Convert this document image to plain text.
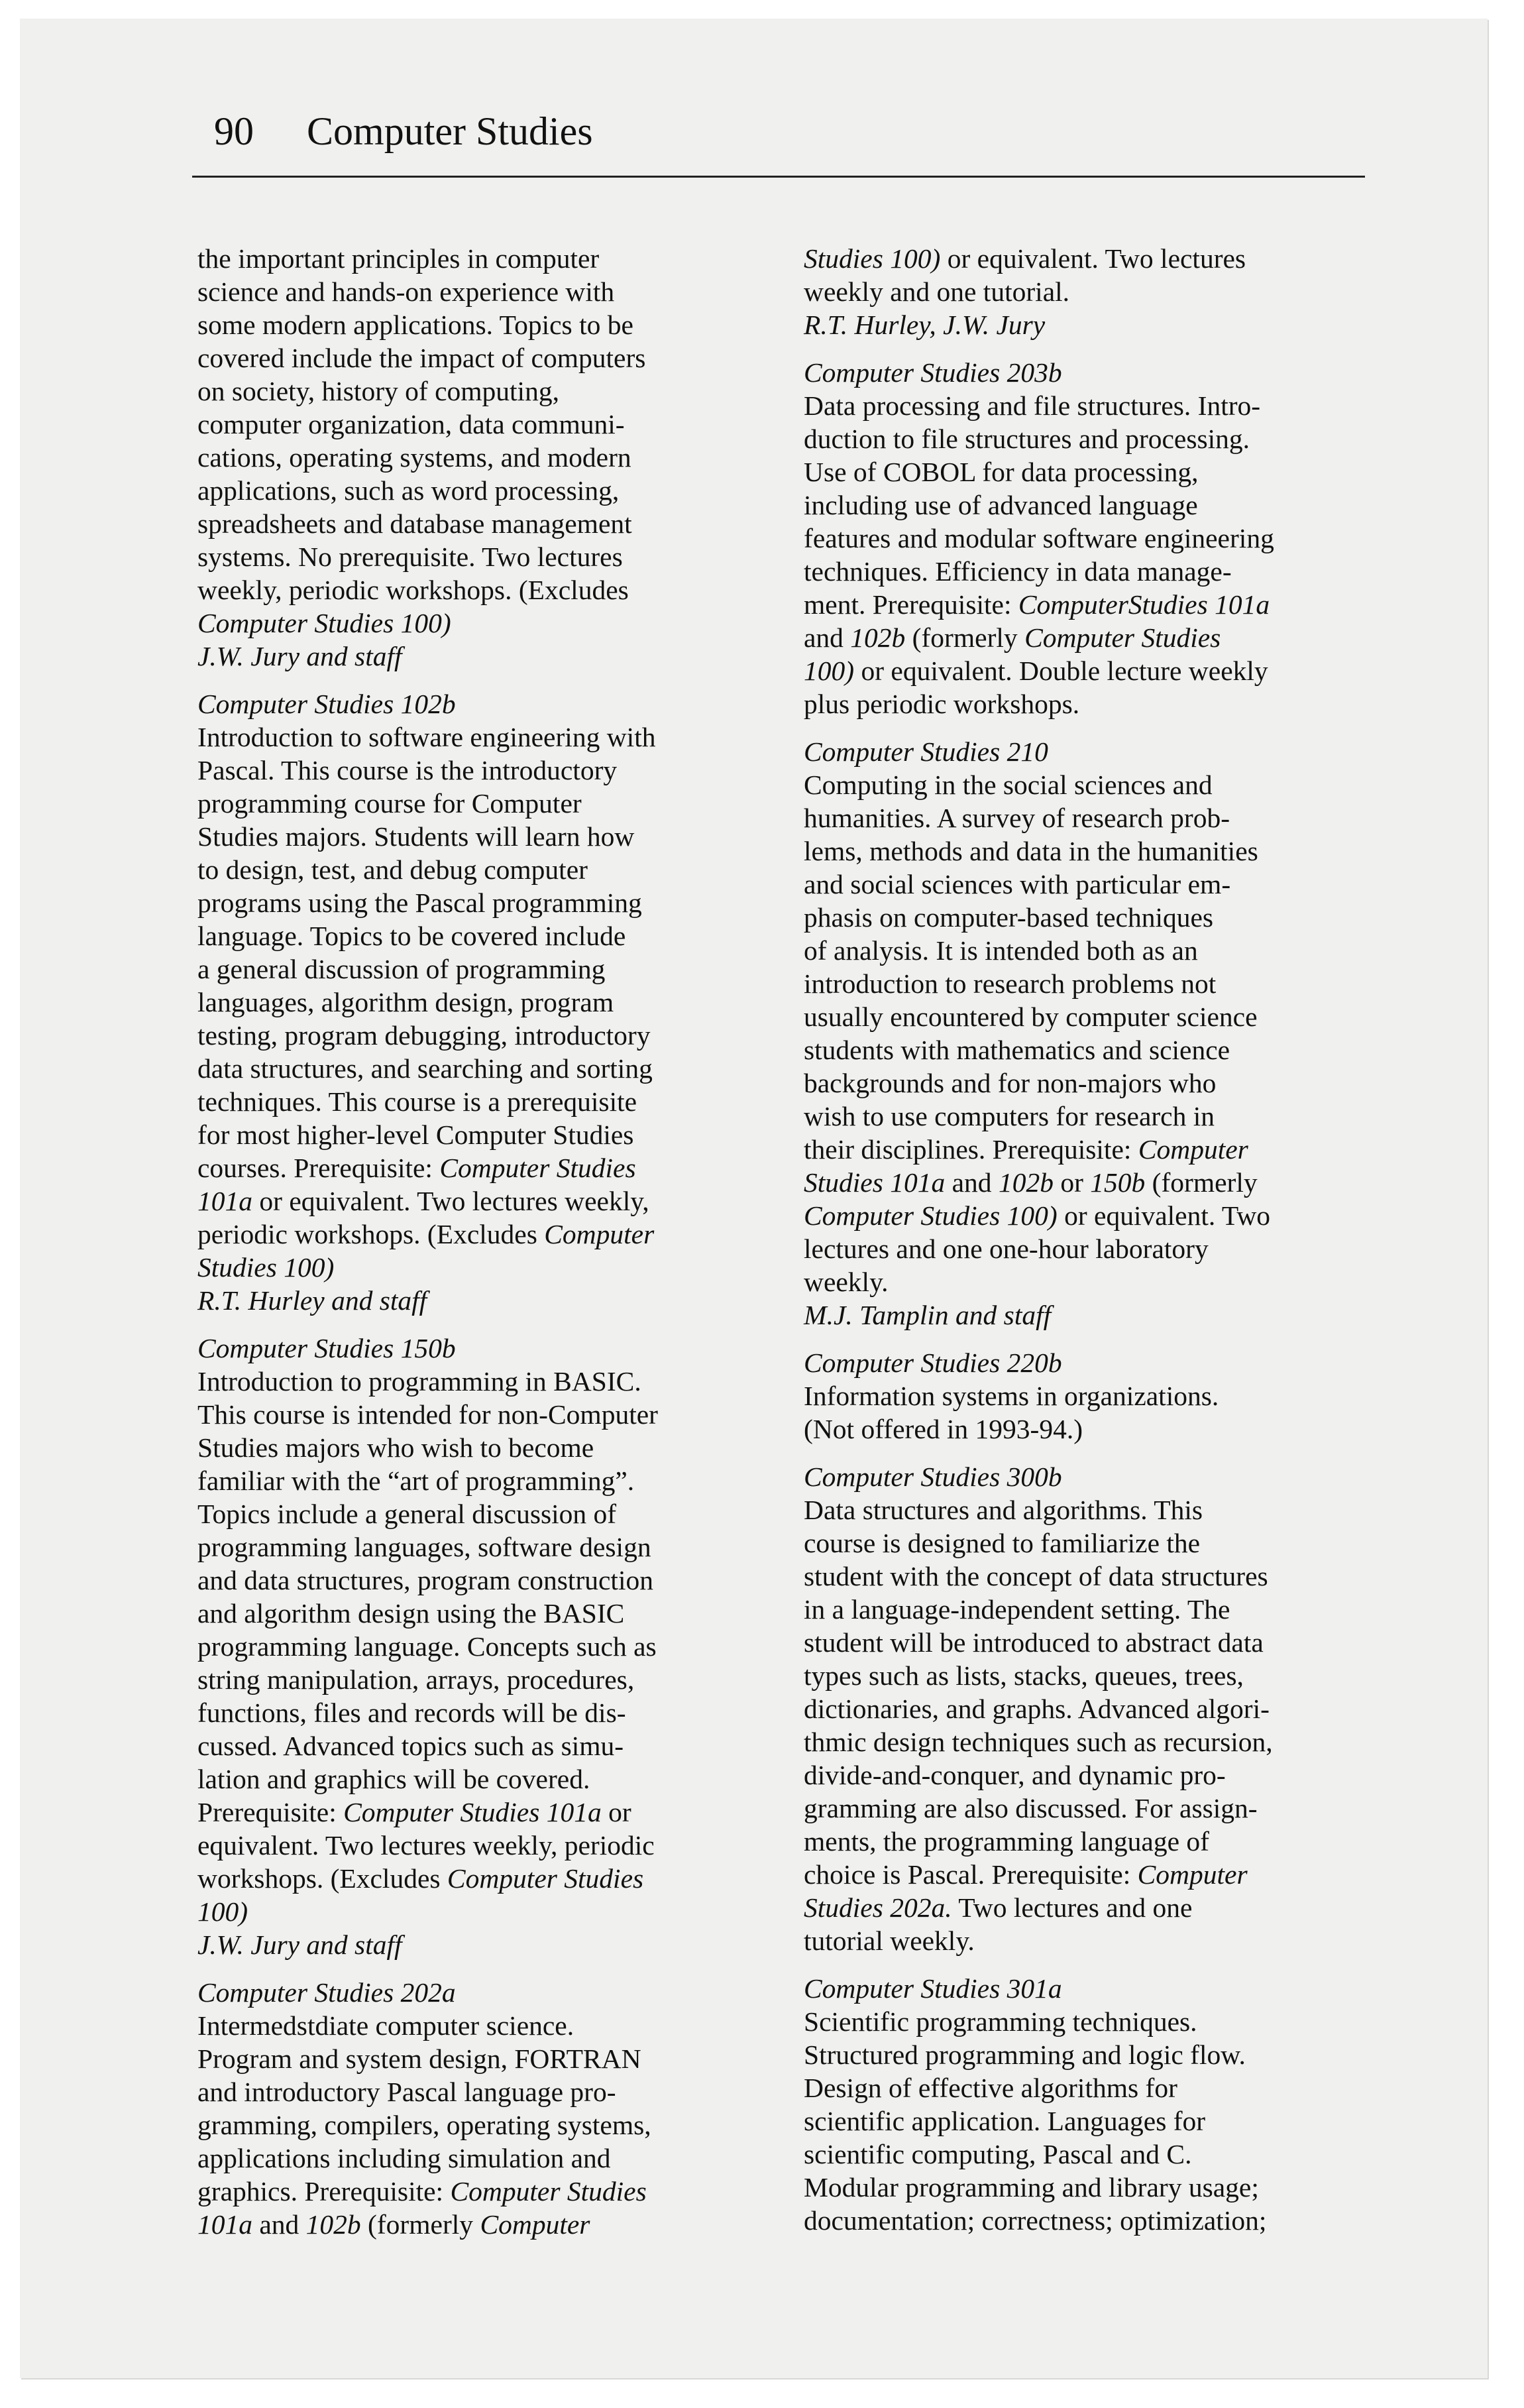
90 Computer Studies
the important principles in computer
science and hands-on experience with
some modern applications. Topics to be
covered include the impact of computers
on society, history of computing,
computer organization, data communi-
cations, operating systems, and modern
applications, such as word processing,
spreadsheets and database management
systems. No prerequisite. Two lectures
weekly, periodic workshops. (Excludes
Computer Studies 100)
J.W. Jury and staff
Computer Studies 102b
Introduction to software engineering with
Pascal. This course is the introductory
programming course for Computer
Studies majors. Students will learn how
to design, test, and debug computer
programs using the Pascal programming
language. Topics to be covered include
a general discussion of programming
languages, algorithm design, program
testing, program debugging, introductory
data structures, and searching and sorting
techniques. This course is a prerequisite
for most higher-level Computer Studies
courses. Prerequisite: Computer Studies
101a or equivalent. Two lectures weekly,
periodic workshops. (Excludes Computer
Studies 100)
R.T. Hurley and staff
Computer Studies 150b
Introduction to programming in BASIC.
This course is intended for non-Computer
Studies majors who wish to become
familiar with the “art of programming”.
Topics include a general discussion of
programming languages, software design
and data structures, program construction
and algorithm design using the BASIC
programming language. Concepts such as
string manipulation, arrays, procedures,
functions, files and records will be dis-
cussed. Advanced topics such as simu-
lation and graphics will be covered.
Prerequisite: Computer Studies 101a or
equivalent. Two lectures weekly, periodic
workshops. (Excludes Computer Studies
100)
J.W. Jury and staff
Computer Studies 202a
Intermedstdiate computer science.
Program and system design, FORTRAN
and introductory Pascal language pro-
gramming, compilers, operating systems,
applications including simulation and
graphics. Prerequisite: Computer Studies
101a and 102b (formerly Computer
Studies 100) or equivalent. Two lectures
weekly and one tutorial.
R.T. Hurley, J.W. Jury
Computer Studies 203b
Data processing and file structures. Intro-
duction to file structures and processing.
Use of COBOL for data processing,
including use of advanced language
features and modular software engineering
techniques. Efficiency in data manage-
ment. Prerequisite: ComputerStudies 101a
and 102b (formerly Computer Studies
100) or equivalent. Double lecture weekly
plus periodic workshops.
Computer Studies 210
Computing in the social sciences and
humanities. A survey of research prob-
lems, methods and data in the humanities
and social sciences with particular em-
phasis on computer-based techniques
of analysis. It is intended both as an
introduction to research problems not
usually encountered by computer science
students with mathematics and science
backgrounds and for non-majors who
wish to use computers for research in
their disciplines. Prerequisite: Computer
Studies 101a and 102b or 150b (formerly
Computer Studies 100) or equivalent. Two
lectures and one one-hour laboratory
weekly.
M.J. Tamplin and staff
Computer Studies 220b
Information systems in organizations.
(Not offered in 1993-94.)
Computer Studies 300b
Data structures and algorithms. This
course is designed to familiarize the
student with the concept of data structures
in a language-independent setting. The
student will be introduced to abstract data
types such as lists, stacks, queues, trees,
dictionaries, and graphs. Advanced algori-
thmic design techniques such as recursion,
divide-and-conquer, and dynamic pro-
gramming are also discussed. For assign-
ments, the programming language of
choice is Pascal. Prerequisite: Computer
Studies 202a. Two lectures and one
tutorial weekly.
Computer Studies 301a
Scientific programming techniques.
Structured programming and logic flow.
Design of effective algorithms for
scientific application. Languages for
scientific computing, Pascal and C.
Modular programming and library usage;
documentation; correctness; optimization;
